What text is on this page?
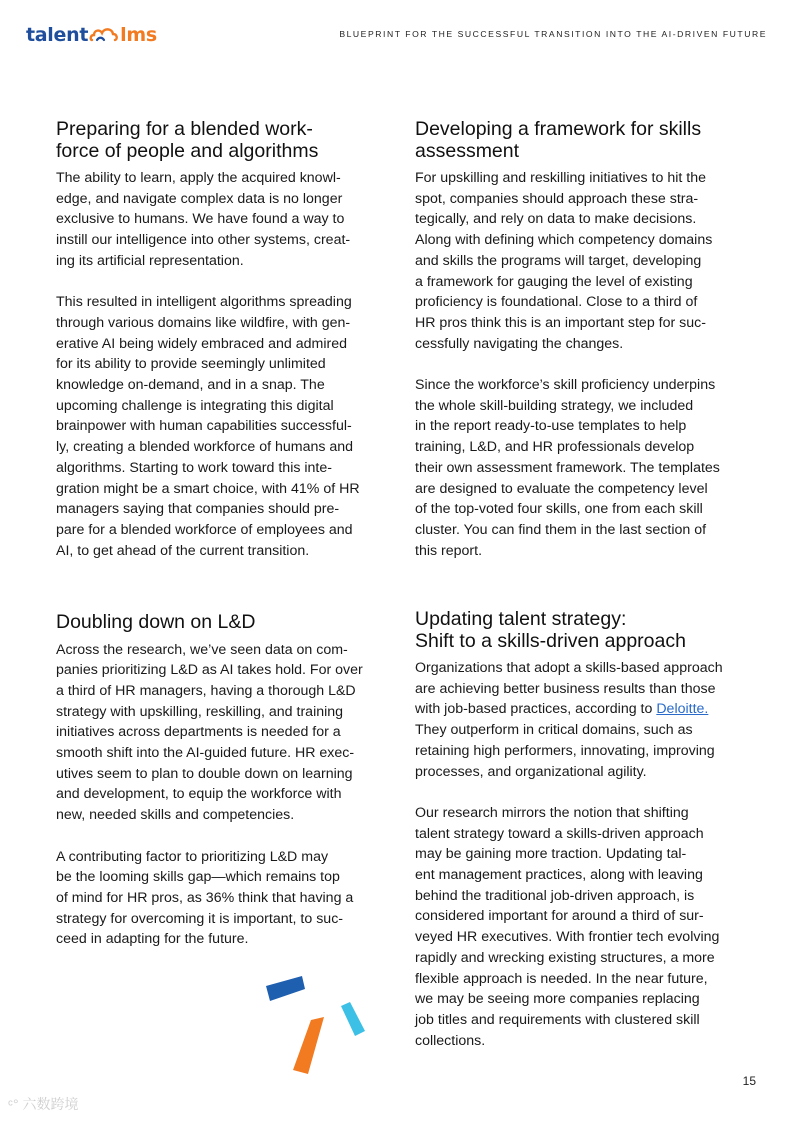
talent lms	BLUEPRINT FOR THE SUCCESSFUL TRANSITION INTO THE AI-DRIVEN FUTURE
Preparing for a blended work-
force of people and algorithms

The ability to learn, apply the acquired knowl-
edge, and navigate complex data is no longer
exclusive to humans. We have found a way to
instill our intelligence into other systems, creat-
ing its artificial representation.

This resulted in intelligent algorithms spreading
through various domains like wildfire, with gen-
erative AI being widely embraced and admired
for its ability to provide seemingly unlimited
knowledge on-demand, and in a snap. The
upcoming challenge is integrating this digital
brainpower with human capabilities successful-
ly, creating a blended workforce of humans and
algorithms. Starting to work toward this inte-
gration might be a smart choice, with 41% of HR
managers saying that companies should pre-
pare for a blended workforce of employees and
AI, to get ahead of the current transition.

Developing a framework for skills
assessment

For upskilling and reskilling initiatives to hit the
spot, companies should approach these stra-
tegically, and rely on data to make decisions.
Along with defining which competency domains
and skills the programs will target, developing
a framework for gauging the level of existing
proficiency is foundational. Close to a third of
HR pros think this is an important step for suc-
cessfully navigating the changes.

Since the workforce’s skill proficiency underpins
the whole skill-building strategy, we included
in the report ready-to-use templates to help
training, L&D, and HR professionals develop
their own assessment framework. The templates
are designed to evaluate the competency level
of the top-voted four skills, one from each skill
cluster. You can find them in the last section of
this report.

Doubling down on L&D

Across the research, we’ve seen data on com-
panies prioritizing L&D as AI takes hold. For over
a third of HR managers, having a thorough L&D
strategy with upskilling, reskilling, and training
initiatives across departments is needed for a
smooth shift into the AI-guided future. HR exec-
utives seem to plan to double down on learning
and development, to equip the workforce with
new, needed skills and competencies.

A contributing factor to prioritizing L&D may
be the looming skills gap—which remains top
of mind for HR pros, as 36% think that having a
strategy for overcoming it is important, to suc-
ceed in adapting for the future.

Updating talent strategy:
Shift to a skills-driven approach

Organizations that adopt a skills-based approach
are achieving better business results than those
with job-based practices, according to Deloitte.
They outperform in critical domains, such as
retaining high performers, innovating, improving
processes, and organizational agility.

Our research mirrors the notion that shifting
talent strategy toward a skills-driven approach
may be gaining more traction. Updating tal-
ent management practices, along with leaving
behind the traditional job-driven approach, is
considered important for around a third of sur-
veyed HR executives. With frontier tech evolving
rapidly and wrecking existing structures, a more
flexible approach is needed. In the near future,
we may be seeing more companies replacing
job titles and requirements with clustered skill
collections.

15
ᶜ° 六数跨境
